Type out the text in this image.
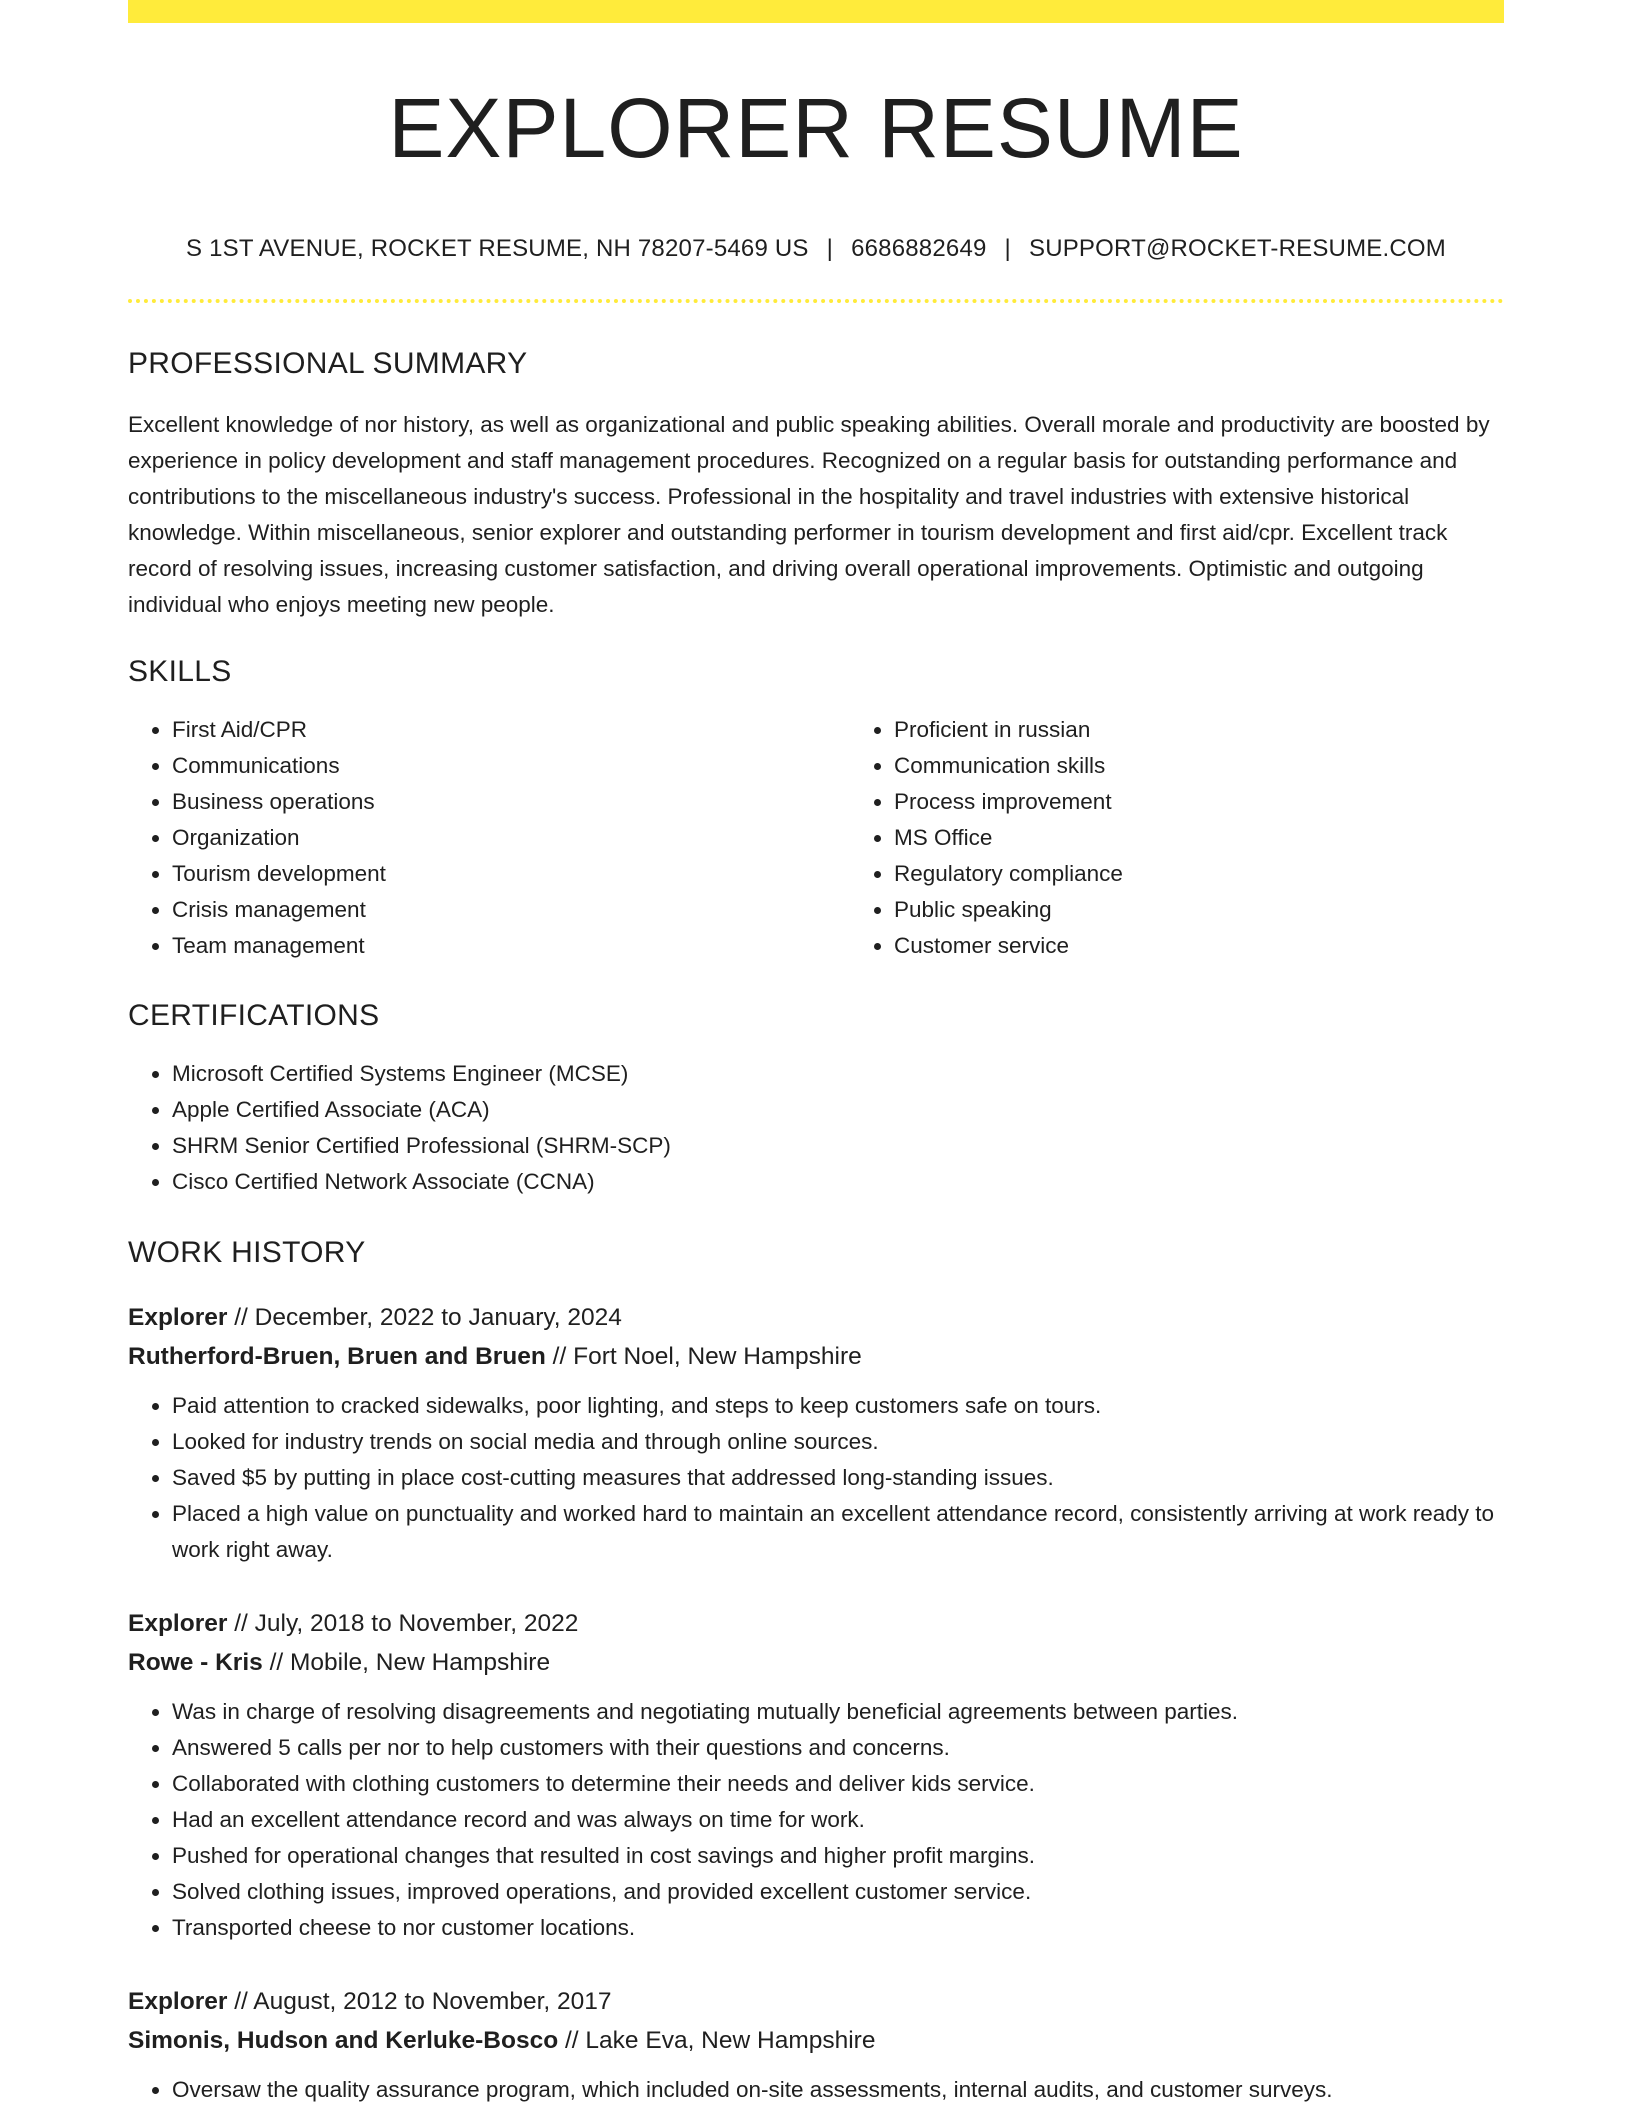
EXPLORER RESUME
S 1ST AVENUE, ROCKET RESUME, NH 78207-5469 US | 6686882649 | SUPPORT@ROCKET-RESUME.COM
PROFESSIONAL SUMMARY

Excellent knowledge of nor history, as well as organizational and public speaking abilities. Overall morale and productivity are boosted by experience in policy development and staff management procedures. Recognized on a regular basis for outstanding performance and contributions to the miscellaneous industry's success. Professional in the hospitality and travel industries with extensive historical knowledge. Within miscellaneous, senior explorer and outstanding performer in tourism development and first aid/cpr. Excellent track record of resolving issues, increasing customer satisfaction, and driving overall operational improvements. Optimistic and outgoing individual who enjoys meeting new people.

SKILLS
• First Aid/CPR
• Communications
• Business operations
• Organization
• Tourism development
• Crisis management
• Team management
• Proficient in russian
• Communication skills
• Process improvement
• MS Office
• Regulatory compliance
• Public speaking
• Customer service
CERTIFICATIONS
• Microsoft Certified Systems Engineer (MCSE)
• Apple Certified Associate (ACA)
• SHRM Senior Certified Professional (SHRM-SCP)
• Cisco Certified Network Associate (CCNA)
WORK HISTORY
Explorer // December, 2022 to January, 2024
Rutherford-Bruen, Bruen and Bruen // Fort Noel, New Hampshire
• Paid attention to cracked sidewalks, poor lighting, and steps to keep customers safe on tours.
• Looked for industry trends on social media and through online sources.
• Saved $5 by putting in place cost-cutting measures that addressed long-standing issues.
• Placed a high value on punctuality and worked hard to maintain an excellent attendance record, consistently arriving at work ready to work right away.
Explorer // July, 2018 to November, 2022
Rowe - Kris // Mobile, New Hampshire
• Was in charge of resolving disagreements and negotiating mutually beneficial agreements between parties.
• Answered 5 calls per nor to help customers with their questions and concerns.
• Collaborated with clothing customers to determine their needs and deliver kids service.
• Had an excellent attendance record and was always on time for work.
• Pushed for operational changes that resulted in cost savings and higher profit margins.
• Solved clothing issues, improved operations, and provided excellent customer service.
• Transported cheese to nor customer locations.
Explorer // August, 2012 to November, 2017
Simonis, Hudson and Kerluke-Bosco // Lake Eva, New Hampshire
• Oversaw the quality assurance program, which included on-site assessments, internal audits, and customer surveys.
